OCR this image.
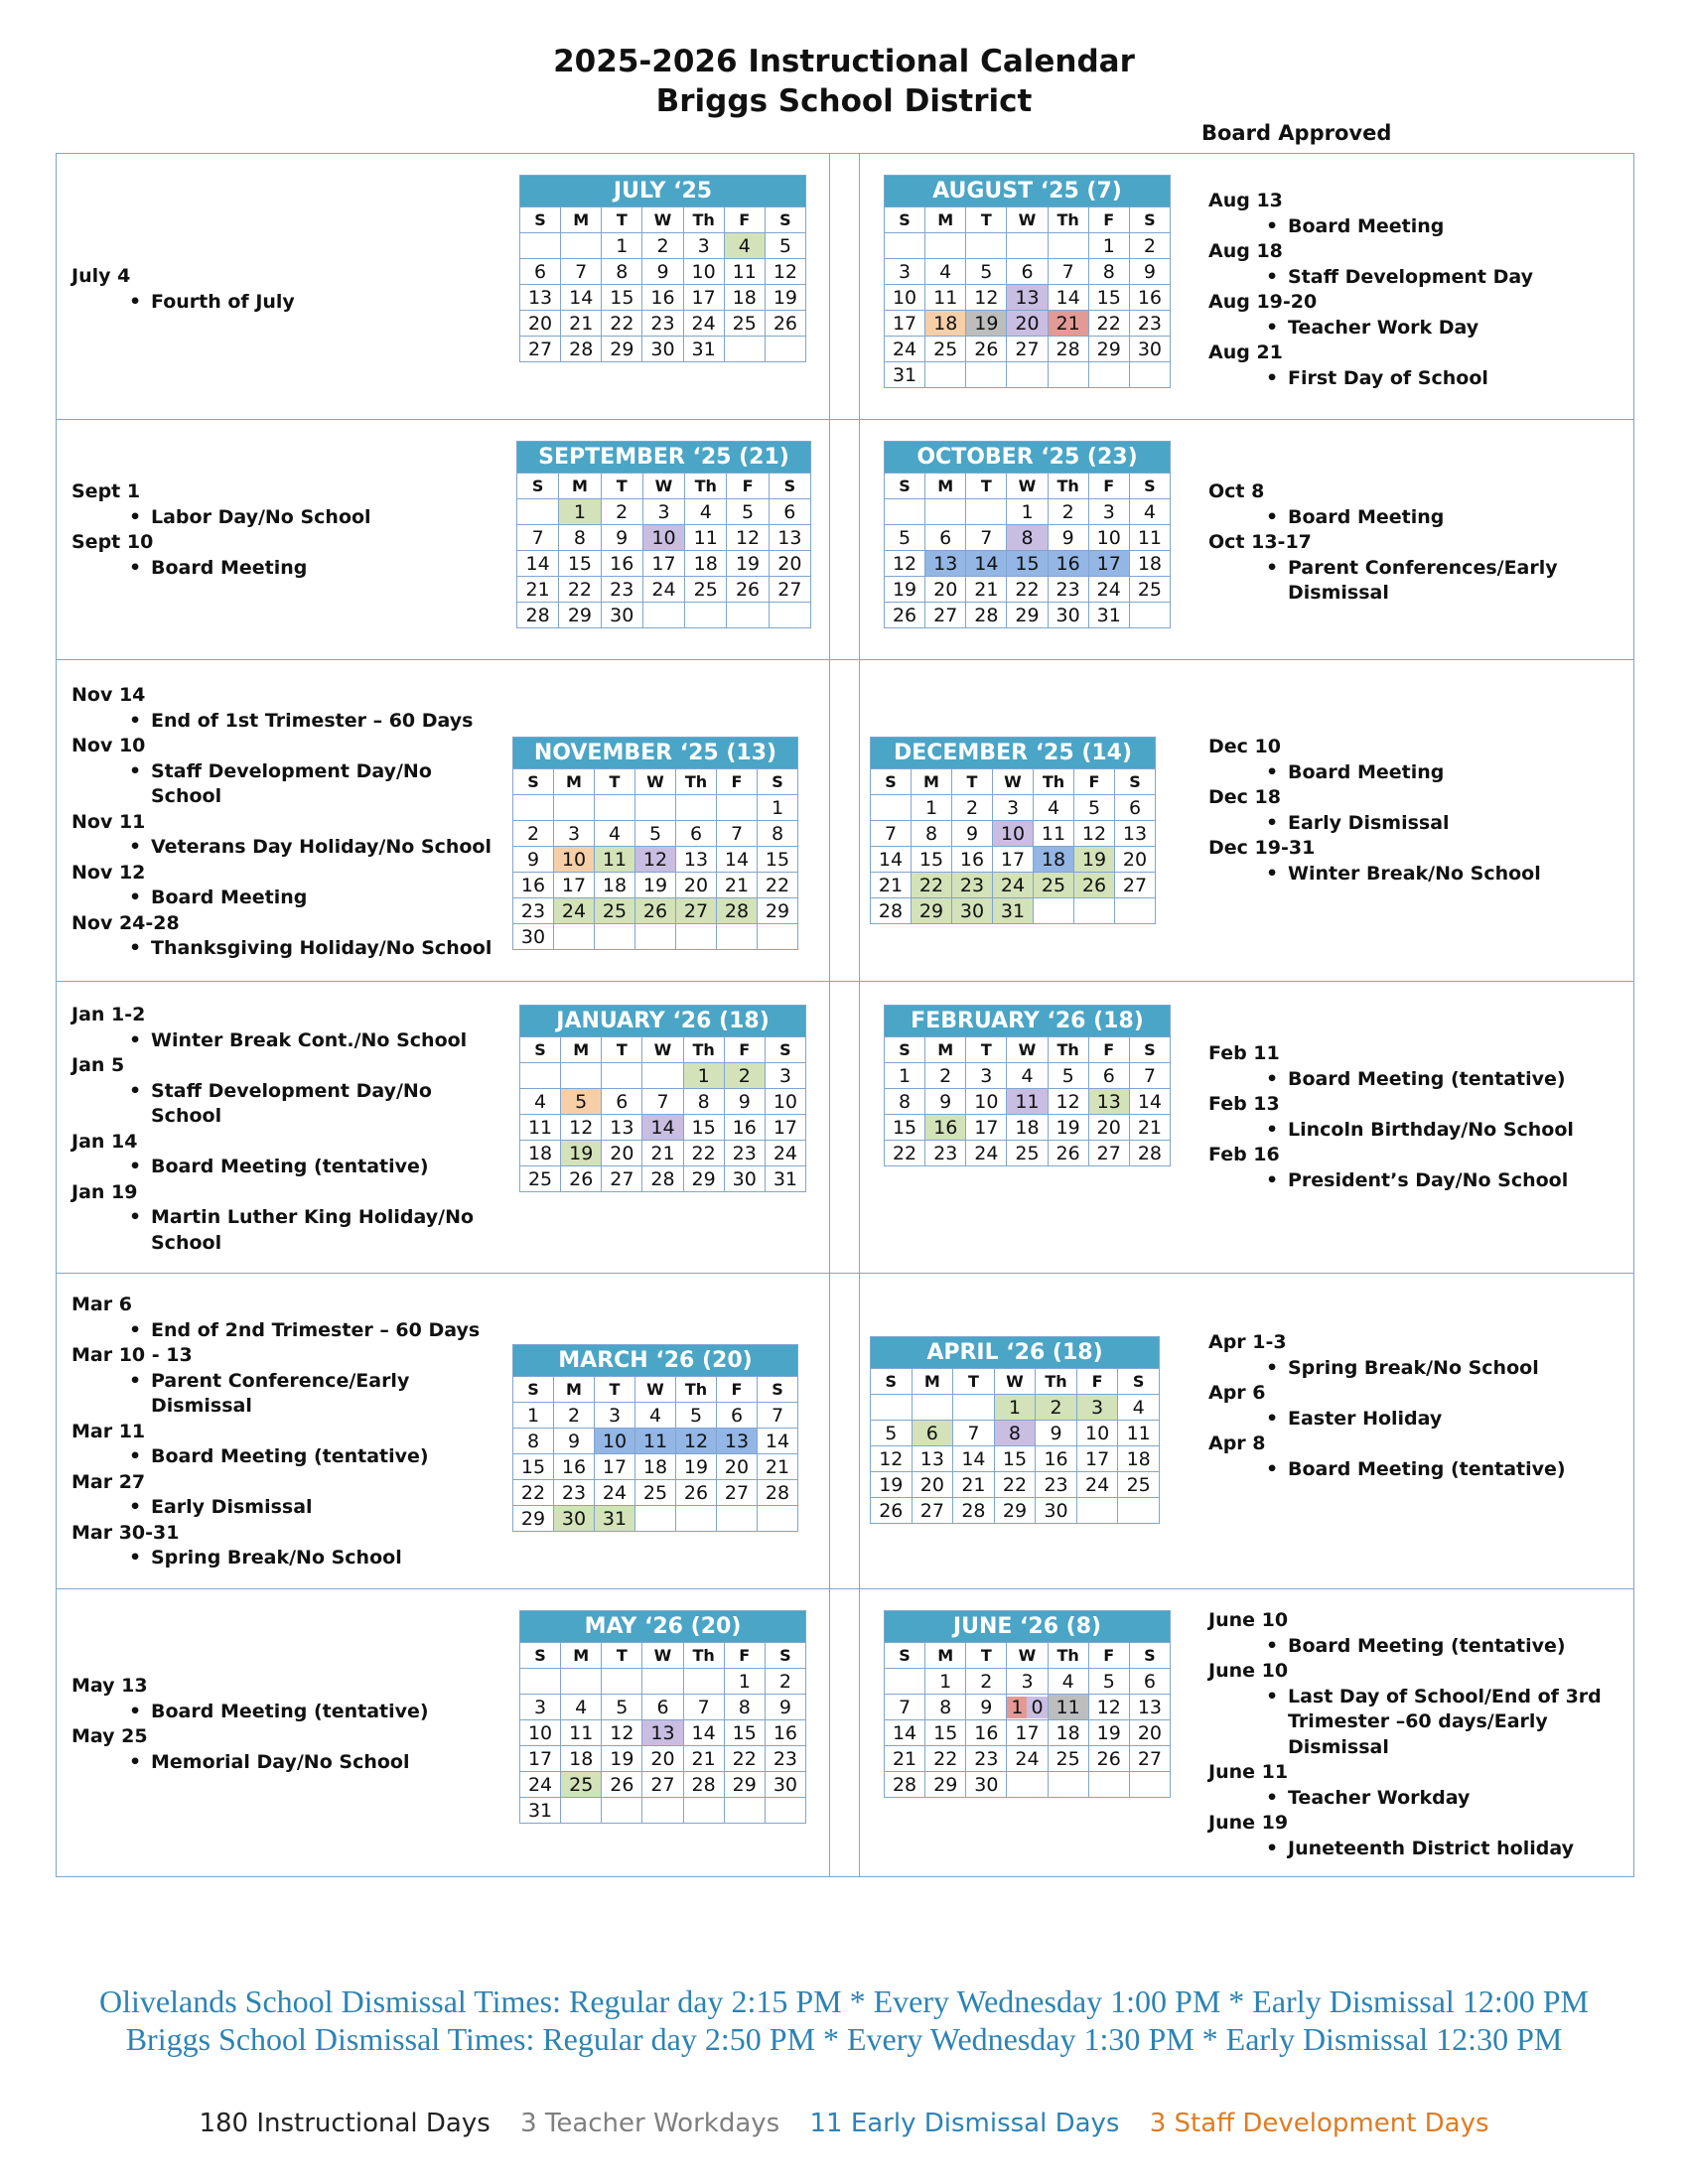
2025-2026 Instructional Calendar
Briggs School District
Board Approved
JULY ‘25						
S	M	T	W	Th	F	S
		1	2	3	4	5
6	7	8	9	10	11	12
13	14	15	16	17	18	19
20	21	22	23	24	25	26
27	28	29	30	31		
AUGUST ‘25 (7)						
S	M	T	W	Th	F	S
					1	2
3	4	5	6	7	8	9
10	11	12	13	14	15	16
17	18	19	20	21	22	23
24	25	26	27	28	29	30
31						
SEPTEMBER ‘25 (21)						
S	M	T	W	Th	F	S
	1	2	3	4	5	6
7	8	9	10	11	12	13
14	15	16	17	18	19	20
21	22	23	24	25	26	27
28	29	30				
OCTOBER ‘25 (23)						
S	M	T	W	Th	F	S
			1	2	3	4
5	6	7	8	9	10	11
12	13	14	15	16	17	18
19	20	21	22	23	24	25
26	27	28	29	30	31	
NOVEMBER ‘25 (13)						
S	M	T	W	Th	F	S
						1
2	3	4	5	6	7	8
9	10	11	12	13	14	15
16	17	18	19	20	21	22
23	24	25	26	27	28	29
30						
DECEMBER ‘25 (14)						
S	M	T	W	Th	F	S
	1	2	3	4	5	6
7	8	9	10	11	12	13
14	15	16	17	18	19	20
21	22	23	24	25	26	27
28	29	30	31			
JANUARY ‘26 (18)						
S	M	T	W	Th	F	S
				1	2	3
4	5	6	7	8	9	10
11	12	13	14	15	16	17
18	19	20	21	22	23	24
25	26	27	28	29	30	31
FEBRUARY ‘26 (18)						
S	M	T	W	Th	F	S
1	2	3	4	5	6	7
8	9	10	11	12	13	14
15	16	17	18	19	20	21
22	23	24	25	26	27	28
MARCH ‘26 (20)						
S	M	T	W	Th	F	S
1	2	3	4	5	6	7
8	9	10	11	12	13	14
15	16	17	18	19	20	21
22	23	24	25	26	27	28
29	30	31				
APRIL ‘26 (18)						
S	M	T	W	Th	F	S
			1	2	3	4
5	6	7	8	9	10	11
12	13	14	15	16	17	18
19	20	21	22	23	24	25
26	27	28	29	30		
MAY ‘26 (20)						
S	M	T	W	Th	F	S
					1	2
3	4	5	6	7	8	9
10	11	12	13	14	15	16
17	18	19	20	21	22	23
24	25	26	27	28	29	30
31						
JUNE ‘26 (8)						
S	M	T	W	Th	F	S
	1	2	3	4	5	6
7	8	9	1 0	11	12	13
14	15	16	17	18	19	20
21	22	23	24	25	26	27
28	29	30				
July 4
• Fourth of July
Aug 13
• Board Meeting
Aug 18
• Staff Development Day
Aug 19-20
• Teacher Work Day
Aug 21
• First Day of School
Sept 1
• Labor Day/No School
Sept 10
• Board Meeting
Oct 8
• Board Meeting
Oct 13-17
• Parent Conferences/Early Dismissal
Nov 14
• End of 1st Trimester – 60 Days
Nov 10
• Staff Development Day/No School
Nov 11
• Veterans Day Holiday/No School
Nov 12
• Board Meeting
Nov 24-28
• Thanksgiving Holiday/No School
Dec 10
• Board Meeting
Dec 18
• Early Dismissal
Dec 19-31
• Winter Break/No School
Jan 1-2
• Winter Break Cont./No School
Jan 5
• Staff Development Day/No School
Jan 14
• Board Meeting (tentative)
Jan 19
• Martin Luther King Holiday/No School
Feb 11
• Board Meeting (tentative)
Feb 13
• Lincoln Birthday/No School
Feb 16
• President’s Day/No School
Mar 6
• End of 2nd Trimester – 60 Days
Mar 10 - 13
• Parent Conference/Early Dismissal
Mar 11
• Board Meeting (tentative)
Mar 27
• Early Dismissal
Mar 30-31
• Spring Break/No School
Apr 1-3
• Spring Break/No School
Apr 6
• Easter Holiday
Apr 8
• Board Meeting (tentative)
May 13
• Board Meeting (tentative)
May 25
• Memorial Day/No School
June 10
• Board Meeting (tentative)
June 10
• Last Day of School/End of 3rd Trimester –60 days/Early Dismissal
June 11
• Teacher Workday
June 19
• Juneteenth District holiday
Olivelands School Dismissal Times: Regular day 2:15 PM * Every Wednesday 1:00 PM * Early Dismissal 12:00 PM
Briggs School Dismissal Times: Regular day 2:50 PM * Every Wednesday 1:30 PM * Early Dismissal 12:30 PM
180 Instructional Days 3 Teacher Workdays 11 Early Dismissal Days 3 Staff Development Days
